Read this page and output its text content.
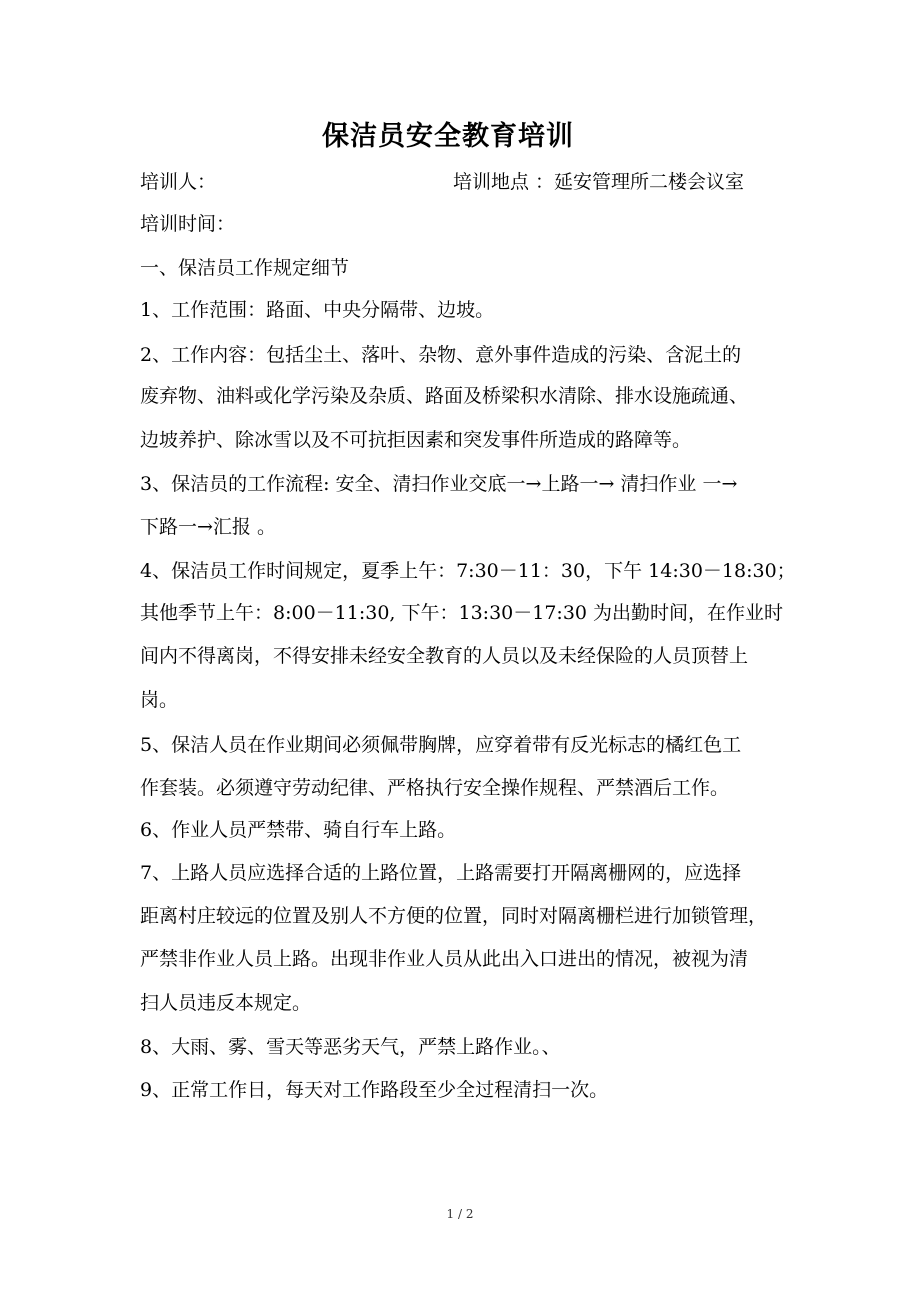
保洁员安全教育培训
培训人：	培训地点 ：延安管理所二楼会议室
培训时间：
一、保洁员工作规定细节
1、工作范围：路面、中央分隔带、边坡。
2、工作内容：包括尘土、落叶、杂物、意外事件造成的污染、含泥土的
废弃物、油料或化学污染及杂质、路面及桥梁积水清除、排水设施疏通、
边坡养护、除冰雪以及不可抗拒因素和突发事件所造成的路障等。
3、保洁员的工作流程: 安全、清扫作业交底一→上路一→ 清扫作业 一→
下路一→汇报 。
4、保洁员工作时间规定，夏季上午：7:30－11：30，下午 14:30－18:30；
其他季节上午：8:00－11:30, 下午：13:30－17:30 为出勤时间，在作业时
间内不得离岗，不得安排未经安全教育的人员以及未经保险的人员顶替上
岗。
5、保洁人员在作业期间必须佩带胸牌，应穿着带有反光标志的橘红色工
作套装。必须遵守劳动纪律、严格执行安全操作规程、严禁酒后工作。
6、作业人员严禁带、骑自行车上路。
7、上路人员应选择合适的上路位置，上路需要打开隔离栅网的，应选择
距离村庄较远的位置及别人不方便的位置，同时对隔离栅栏进行加锁管理，
严禁非作业人员上路。出现非作业人员从此出入口进出的情况，被视为清
扫人员违反本规定。
8、大雨、雾、雪天等恶劣天气，严禁上路作业。、
9、正常工作日，每天对工作路段至少全过程清扫一次。
1 / 2
